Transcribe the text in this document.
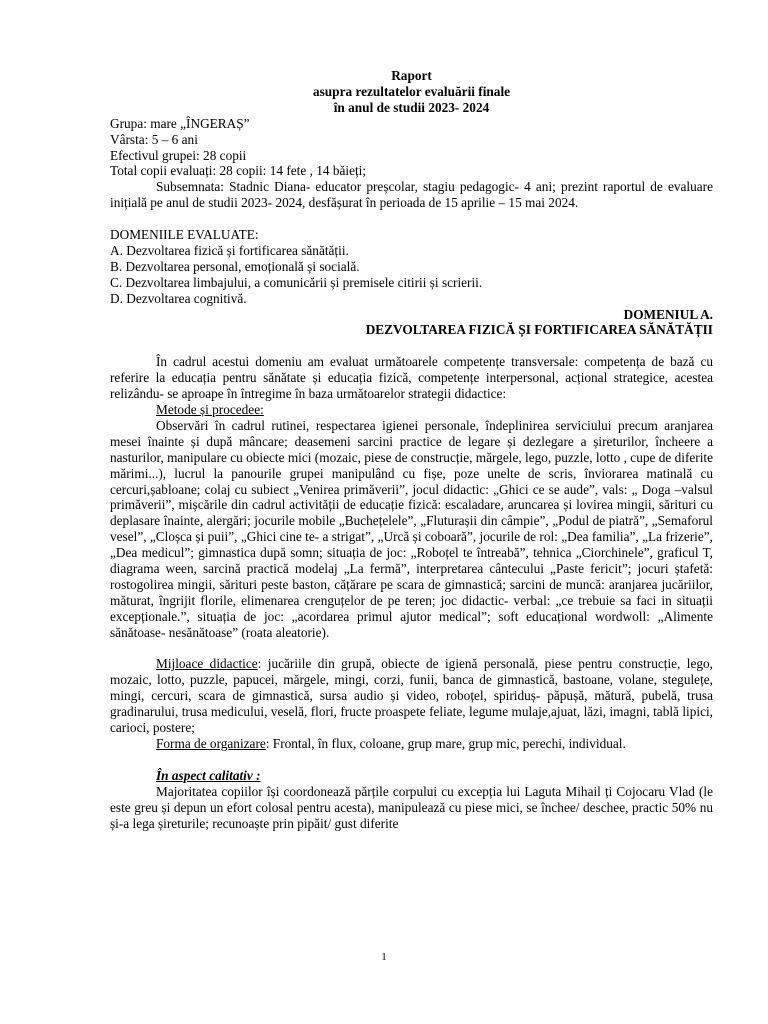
Raport

asupra rezultatelor evaluării finale

în anul de studii 2023- 2024

Grupa: mare „ÎNGERAȘ”

Vârsta: 5 – 6 ani

Efectivul grupei: 28 copii

Total copii evaluați: 28 copii: 14 fete , 14 băieți;

Subsemnata: Stadnic Diana- educator preșcolar, stagiu pedagogic- 4 ani; prezint raportul de evaluare inițială pe anul de studii 2023- 2024, desfășurat în perioada de 15 aprilie – 15 mai 2024.

DOMENIILE EVALUATE:

A. Dezvoltarea fizică și fortificarea sănătății.

B. Dezvoltarea personal, emoțională și socială.

C. Dezvoltarea limbajului, a comunicării și premisele citirii și scrierii.

D. Dezvoltarea cognitivă.

DOMENIUL A.

DEZVOLTAREA FIZICĂ ȘI FORTIFICAREA SĂNĂTĂȚII

În cadrul acestui domeniu am evaluat următoarele competențe transversale: competența de bază cu referire la educația pentru sănătate și educația fizică, competențe interpersonal, acțional strategice, acestea relizându- se aproape în întregime în baza următoarelor strategii didactice:

Metode și procedee:

Observări în cadrul rutinei, respectarea igienei personale, îndeplinirea serviciului precum aranjarea mesei înainte și după mâncare; deasemeni sarcini practice de legare și dezlegare a șireturilor, încheere a nasturilor, manipulare cu obiecte mici (mozaic, piese de construcție, mărgele, lego, puzzle, lotto , cupe de diferite mărimi...), lucrul la panourile grupei manipulând cu fișe, poze unelte de scris, înviorarea matinală cu cercuri,șabloane; colaj cu subiect „Venirea primăverii”, jocul didactic: „Ghici ce se aude”, vals: „ Doga –valsul primăverii”, mișcările din cadrul activității de educație fizică: escaladare, aruncarea și lovirea mingii, sărituri cu deplasare înainte, alergări; jocurile mobile „Buchețelele”, „Fluturașii din câmpie”, „Podul de piatră”, „Semaforul vesel”, „Cloșca și puii”, „Ghici cine te- a strigat”, „Urcă și coboară”, jocurile de rol: „Dea familia”, „La frizerie”, „Dea medicul”; gimnastica după somn; situația de joc: „Roboțel te întreabă”, tehnica „Ciorchinele”, graficul T, diagrama ween, sarcină practică modelaj „La fermă”, interpretarea cântecului „Paste fericit”; jocuri ștafetă: rostogolirea mingii, sărituri peste baston, cățărare pe scara de gimnastică; sarcini de muncă: aranjarea jucăriilor, măturat, îngrijit florile, elimenarea crenguțelor de pe teren; joc didactic- verbal: „ce trebuie sa faci in situații excepționale.”, situația de joc: „acordarea primul ajutor medical”; soft educațional wordwoll: „Alimente sănătoase- nesănătoase” (roata aleatorie).

Mijloace didactice: jucăriile din grupă, obiecte de igienă personală, piese pentru construcție, lego, mozaic, lotto, puzzle, papucei, mărgele, mingi, corzi, funii, banca de gimnastică, bastoane, volane, stegulețe, mingi, cercuri, scara de gimnastică, sursa audio și video, roboțel, spiriduș- păpușă, mătură, pubelă, trusa gradinarului, trusa medicului, veselă, flori, fructe proaspete feliate, legume mulaje,ajuat, lăzi, imagni, tablă lipici, carioci, postere;

Forma de organizare: Frontal, în flux, coloane, grup mare, grup mic, perechi, individual.

În aspect calitativ :

Majoritatea copiilor își coordonează părțile corpului cu excepția lui Laguta Mihail ți Cojocaru Vlad (le este greu și depun un efort colosal pentru acesta), manipulează cu piese mici, se închee/ deschee, practic 50% nu și-a lega șireturile; recunoaște prin pipăit/ gust diferite

1
